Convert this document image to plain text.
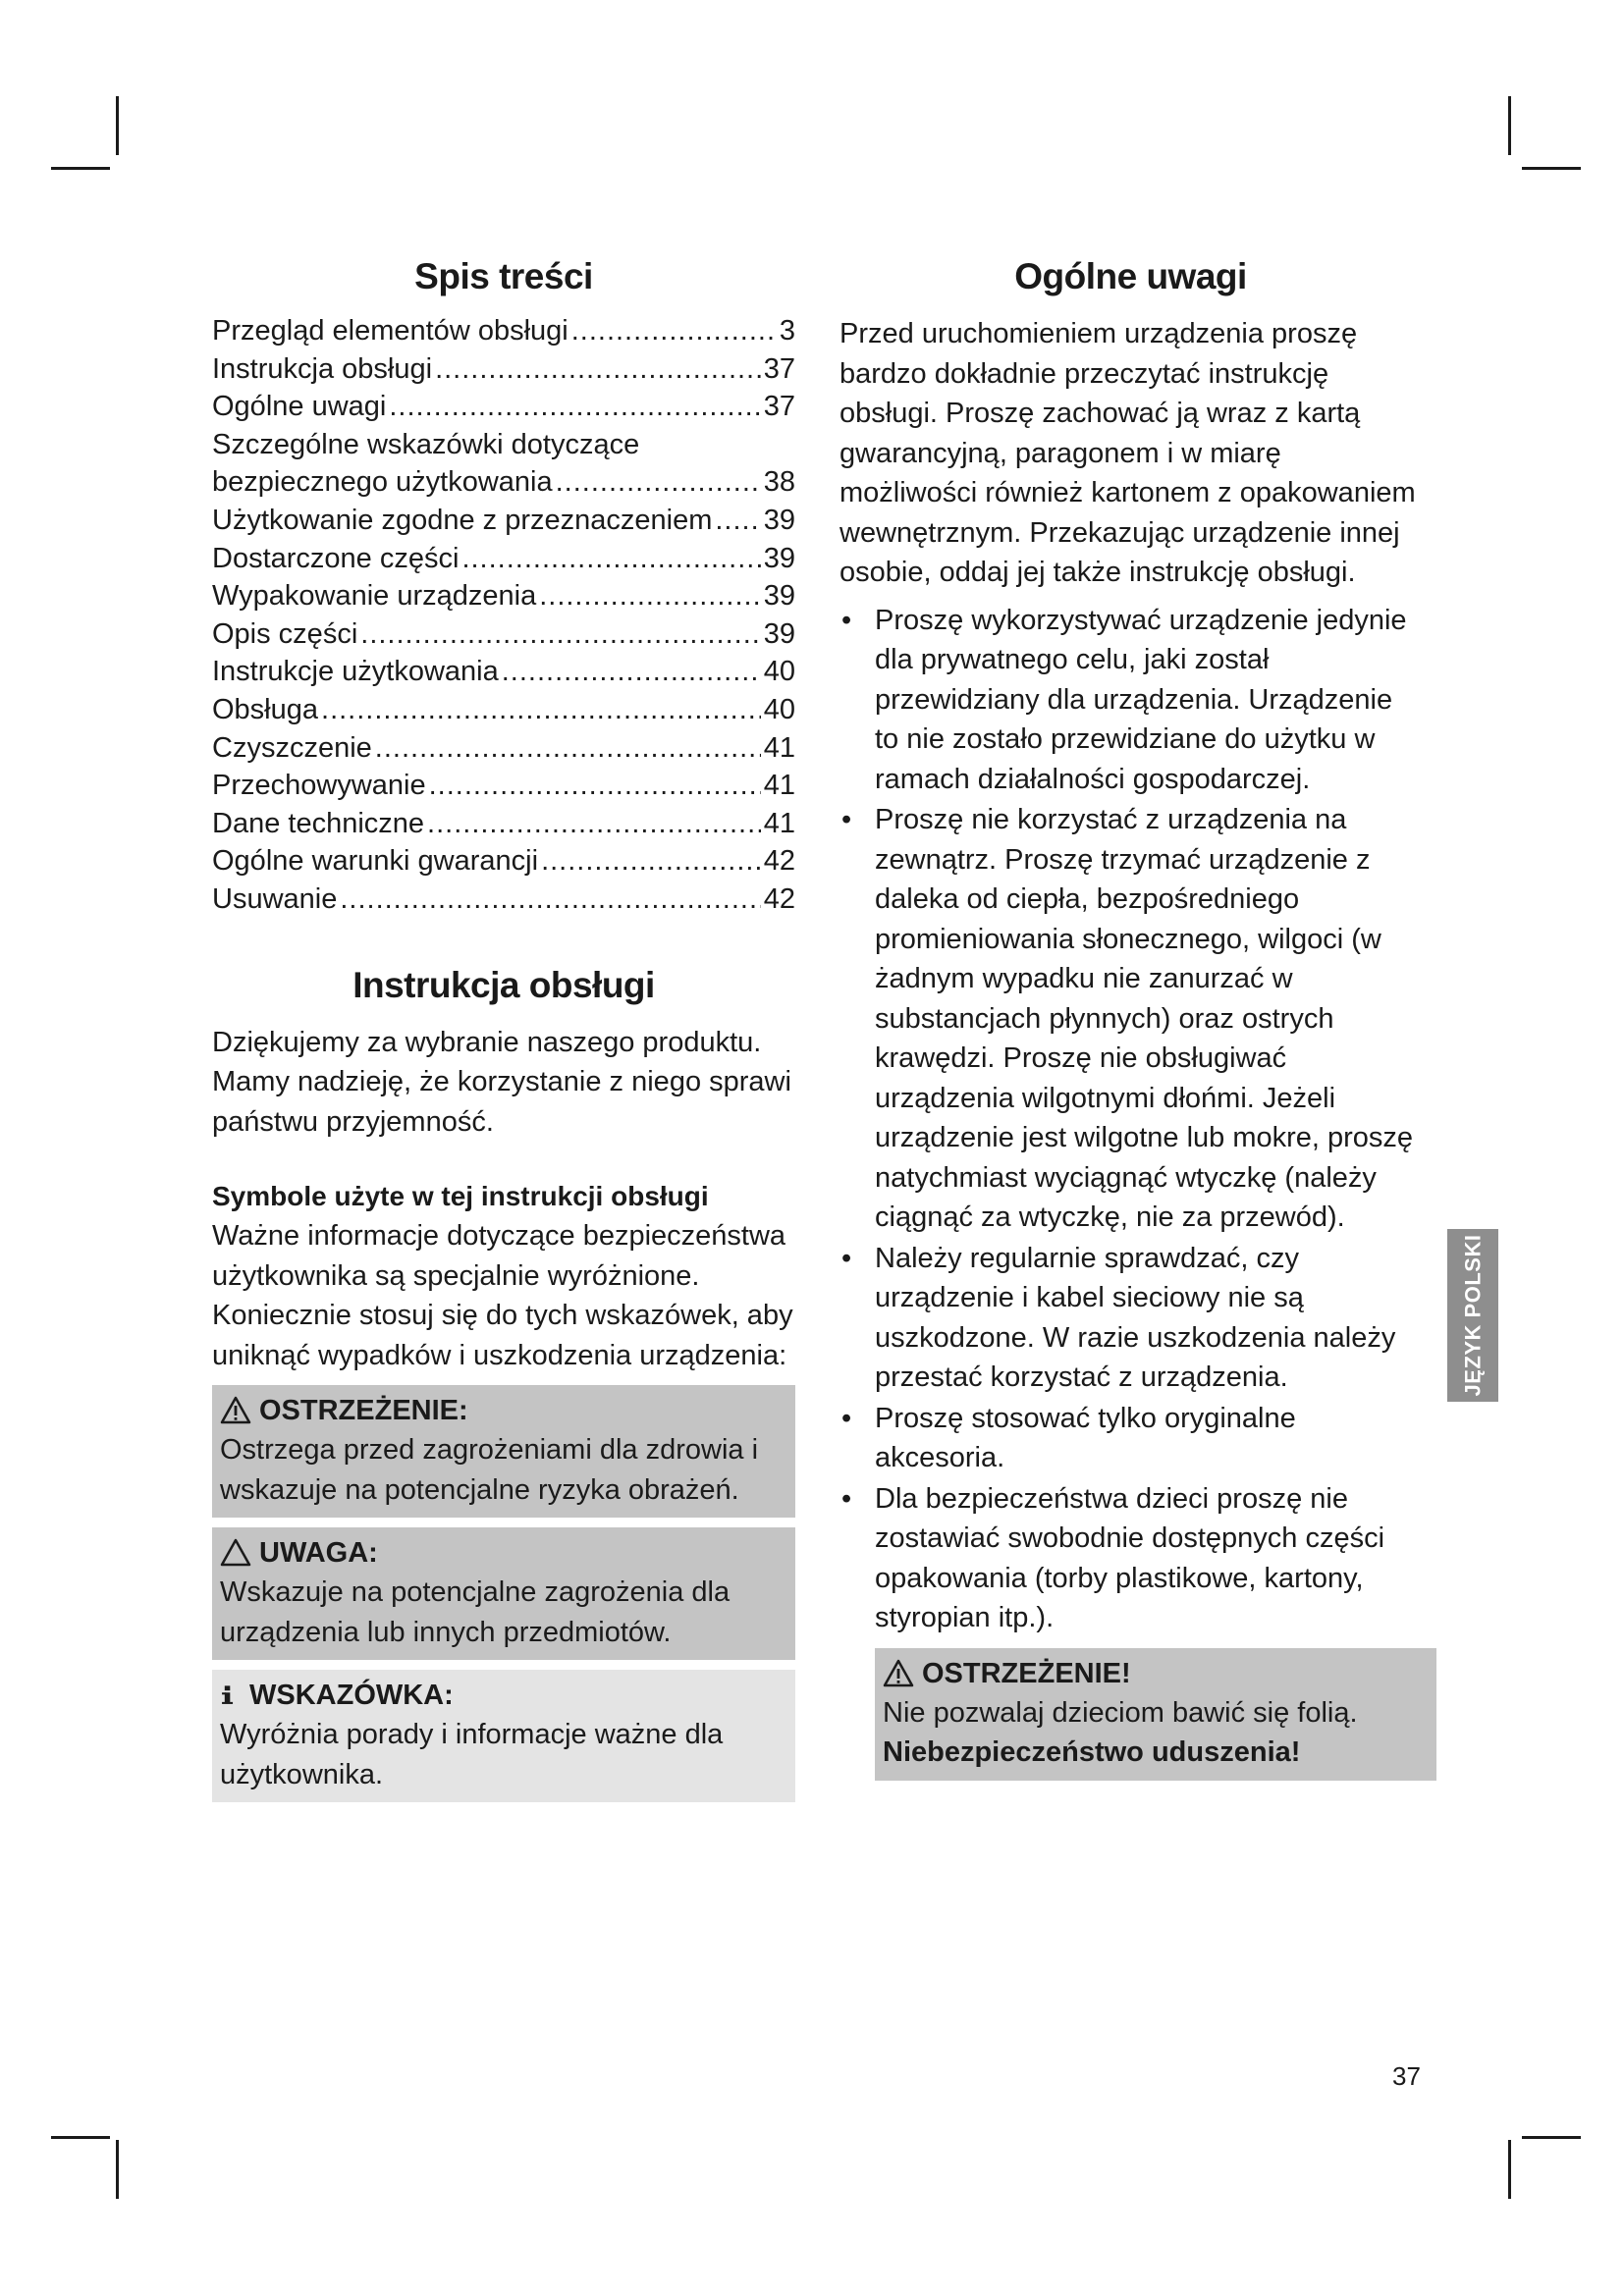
Spis treści
Przegląd elementów obsługi .....	3
Instrukcja obsługi .....	37
Ogólne uwagi .....	37
Szczególne wskazówki dotyczące
bezpiecznego użytkowania .....	38
Użytkowanie zgodne z przeznaczeniem ..... 39
Dostarczone części .....	39
Wypakowanie urządzenia .....	39
Opis części .....	39
Instrukcje użytkowania .....	40
Obsługa .....	40
Czyszczenie .....	41
Przechowywanie .....	41
Dane techniczne .....	41
Ogólne warunki gwarancji .....	42
Usuwanie .....	42
Instrukcja obsługi

Dziękujemy za wybranie naszego produktu. Mamy nadzieję, że korzystanie z niego sprawi państwu przyjemność.

Symbole użyte w tej instrukcji obsługi

Ważne informacje dotyczące bezpieczeństwa użytkownika są specjalnie wyróżnione. Koniecznie stosuj się do tych wskazówek, aby uniknąć wypadków i uszkodzenia urządzenia:

OSTRZEŻENIE:
Ostrzega przed zagrożeniami dla zdrowia i wskazuje na potencjalne ryzyka obrażeń.
UWAGA:
Wskazuje na potencjalne zagrożenia dla urządzenia lub innych przedmiotów.
WSKAZÓWKA:
Wyróżnia porady i informacje ważne dla użytkownika.
Ogólne uwagi

Przed uruchomieniem urządzenia proszę bardzo dokładnie przeczytać instrukcję obsługi. Proszę zachować ją wraz z kartą gwarancyjną, paragonem i w miarę możliwości również kartonem z opakowaniem wewnętrznym. Przekazując urządzenie innej osobie, oddaj jej także instrukcję obsługi.

• Proszę wykorzystywać urządzenie jedynie dla prywatnego celu, jaki został przewidziany dla urządzenia. Urządzenie to nie zostało przewidziane do użytku w ramach działalności gospodarczej.
• Proszę nie korzystać z urządzenia na zewnątrz. Proszę trzymać urządzenie z daleka od ciepła, bezpośredniego promieniowania słonecznego, wilgoci (w żadnym wypadku nie zanurzać w substancjach płynnych) oraz ostrych krawędzi. Proszę nie obsługiwać urządzenia wilgotnymi dłońmi. Jeżeli urządzenie jest wilgotne lub mokre, proszę natychmiast wyciągnąć wtyczkę (należy ciągnąć za wtyczkę, nie za przewód).
• Należy regularnie sprawdzać, czy urządzenie i kabel sieciowy nie są uszkodzone. W razie uszkodzenia należy przestać korzystać z urządzenia.
• Proszę stosować tylko oryginalne akcesoria.
• Dla bezpieczeństwa dzieci proszę nie zostawiać swobodnie dostępnych części opakowania (torby plastikowe, kartony, styropian itp.).
OSTRZEŻENIE!
Nie pozwalaj dzieciom bawić się folią.
Niebezpieczeństwo uduszenia!
JĘZYK POLSKI
37
